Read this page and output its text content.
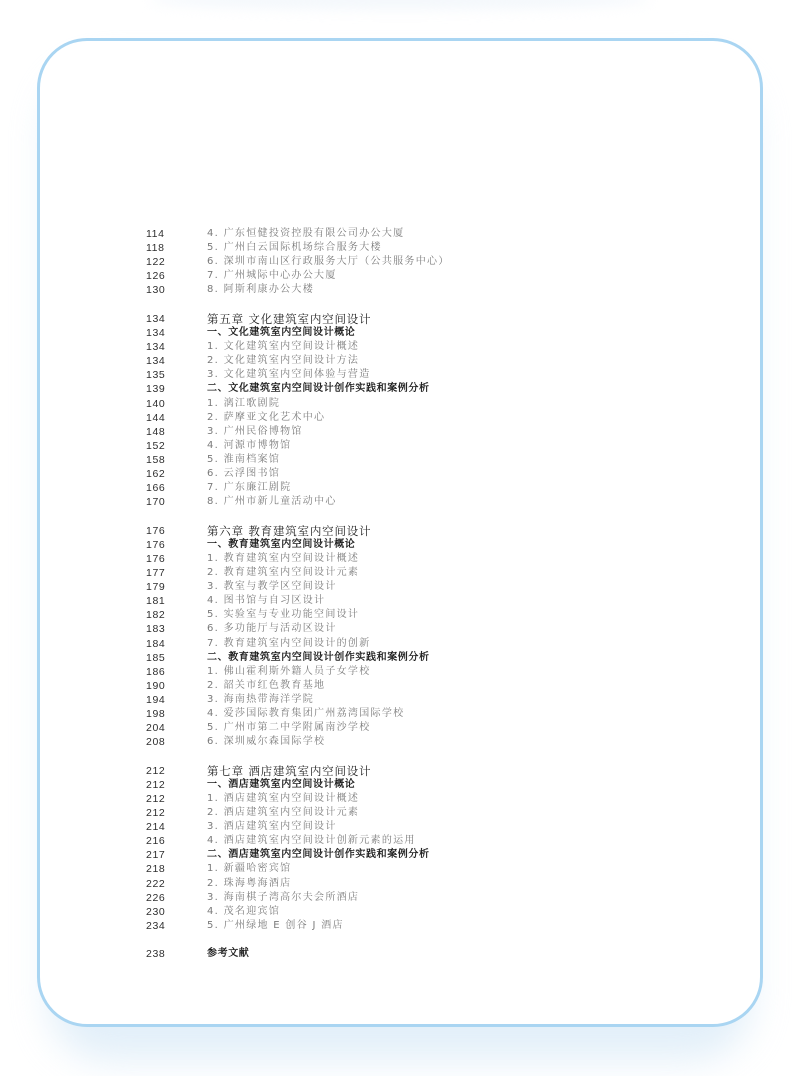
114	4. 广东恒健投资控股有限公司办公大厦
118	5. 广州白云国际机场综合服务大楼
122	6. 深圳市南山区行政服务大厅（公共服务中心）
126	7. 广州城际中心办公大厦
130	8. 阿斯利康办公大楼
134	第五章 文化建筑室内空间设计
134	一、文化建筑室内空间设计概论
134	1. 文化建筑室内空间设计概述
134	2. 文化建筑室内空间设计方法
135	3. 文化建筑室内空间体验与营造
139	二、文化建筑室内空间设计创作实践和案例分析
140	1. 漓江歌剧院
144	2. 萨摩亚文化艺术中心
148	3. 广州民俗博物馆
152	4. 河源市博物馆
158	5. 淮南档案馆
162	6. 云浮图书馆
166	7. 广东廉江剧院
170	8. 广州市新儿童活动中心
176	第六章 教育建筑室内空间设计
176	一、教育建筑室内空间设计概论
176	1. 教育建筑室内空间设计概述
177	2. 教育建筑室内空间设计元素
179	3. 教室与教学区空间设计
181	4. 图书馆与自习区设计
182	5. 实验室与专业功能空间设计
183	6. 多功能厅与活动区设计
184	7. 教育建筑室内空间设计的创新
185	二、教育建筑室内空间设计创作实践和案例分析
186	1. 佛山霍利斯外籍人员子女学校
190	2. 韶关市红色教育基地
194	3. 海南热带海洋学院
198	4. 爱莎国际教育集团广州荔湾国际学校
204	5. 广州市第二中学附属南沙学校
208	6. 深圳威尔森国际学校
212	第七章 酒店建筑室内空间设计
212	一、酒店建筑室内空间设计概论
212	1. 酒店建筑室内空间设计概述
212	2. 酒店建筑室内空间设计元素
214	3. 酒店建筑室内空间设计
216	4. 酒店建筑室内空间设计创新元素的运用
217	二、酒店建筑室内空间设计创作实践和案例分析
218	1. 新疆哈密宾馆
222	2. 珠海粤海酒店
226	3. 海南棋子湾高尔夫会所酒店
230	4. 茂名迎宾馆
234	5. 广州绿地 E 创谷 J 酒店
238	参考文献
